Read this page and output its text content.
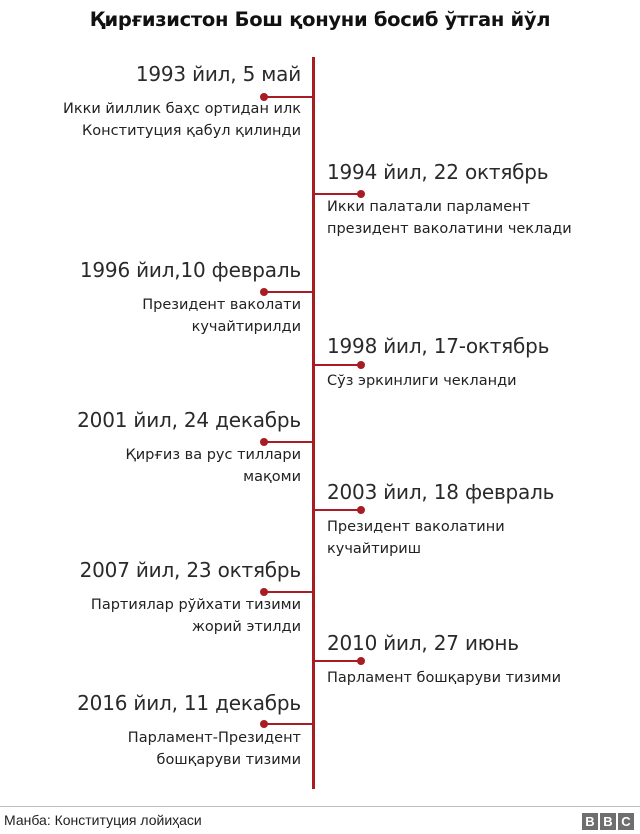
Қирғизистон Бош қонуни босиб ўтган йўл
1993 йил, 5 май
Икки йиллик баҳс ортидан илк
Конституция қабул қилинди
1994 йил, 22 октябрь
Икки палатали парламент
президент ваколатини чеклади
1996 йил,10 февраль
Президент ваколати
кучайтирилди
1998 йил, 17-октябрь
Сўз эркинлиги чекланди
2001 йил, 24 декабрь
Қирғиз ва рус тиллари
мақоми
2003 йил, 18 февраль
Президент ваколатини
кучайтириш
2007 йил, 23 октябрь
Партиялар рўйхати тизими
жорий этилди
2010 йил, 27 июнь
Парламент бошқаруви тизими
2016 йил, 11 декабрь
Парламент-Президент
бошқаруви тизими
Манба: Конституция лойиҳаси	B B C
